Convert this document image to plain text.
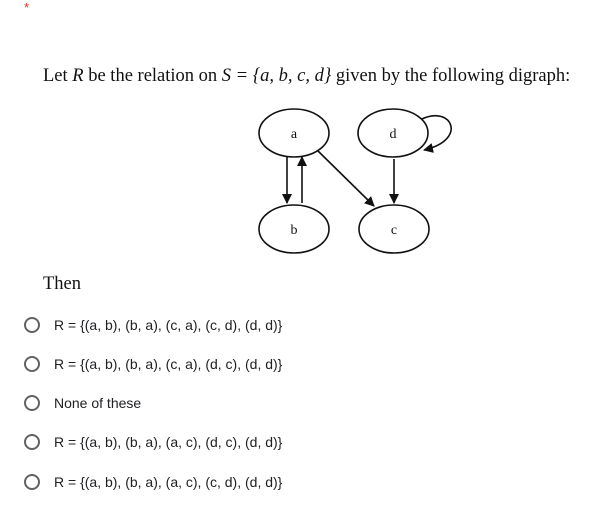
*
Let R be the relation on S = {a, b, c, d} given by the following digraph:
a	d
b	c
Then
R = {(a, b), (b, a), (c, a), (c, d), (d, d)}
R = {(a, b), (b, a), (c, a), (d, c), (d, d)}
None of these
R = {(a, b), (b, a), (a, c), (d, c), (d, d)}
R = {(a, b), (b, a), (a, c), (c, d), (d, d)}
